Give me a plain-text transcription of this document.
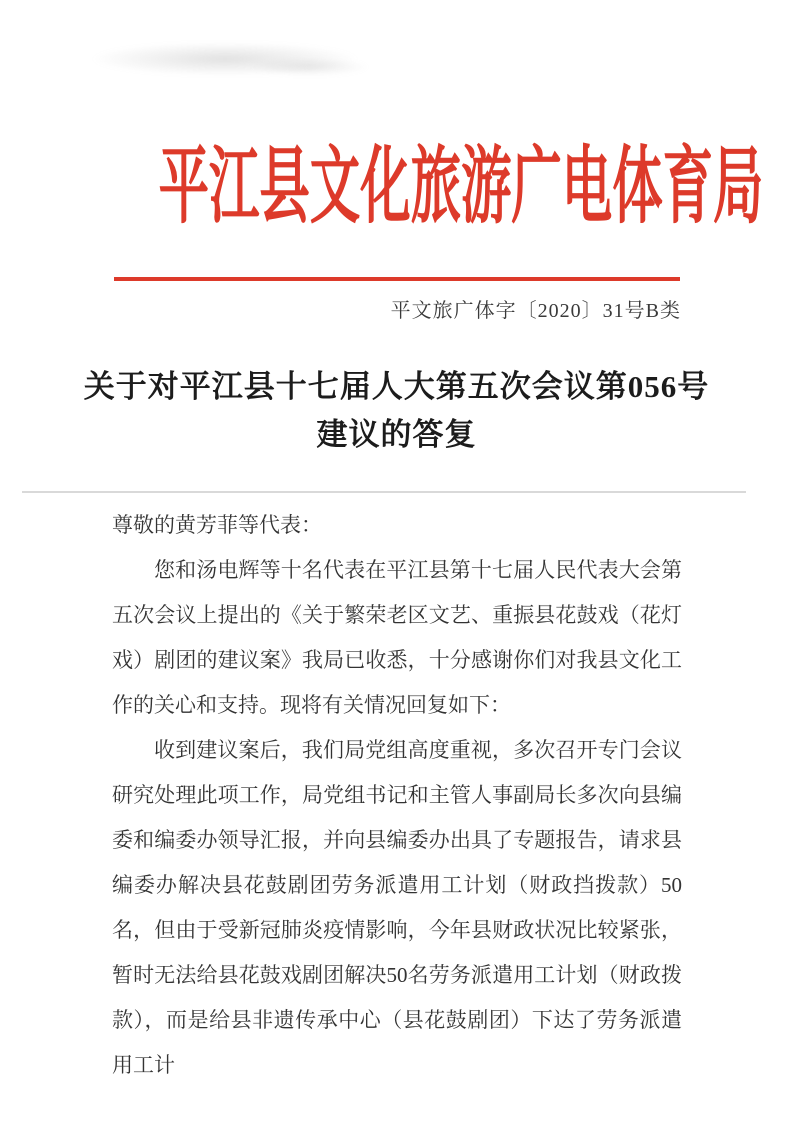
平江县文化旅游广电体育局
平文旅广体字〔2020〕31号B类
关于对平江县十七届人大第五次会议第056号
建议的答复

尊敬的黄芳菲等代表：

您和汤电辉等十名代表在平江县第十七届人民代表大会第五次会议上提出的《关于繁荣老区文艺、重振县花鼓戏（花灯戏）剧团的建议案》我局已收悉，十分感谢你们对我县文化工作的关心和支持。现将有关情况回复如下：

收到建议案后，我们局党组高度重视，多次召开专门会议研究处理此项工作，局党组书记和主管人事副局长多次向县编委和编委办领导汇报，并向县编委办出具了专题报告，请求县编委办解决县花鼓剧团劳务派遣用工计划（财政挡拨款）50名，但由于受新冠肺炎疫情影响，今年县财政状况比较紧张，暂时无法给县花鼓戏剧团解决50名劳务派遣用工计划（财政拨款），而是给县非遗传承中心（县花鼓剧团）下达了劳务派遣用工计
